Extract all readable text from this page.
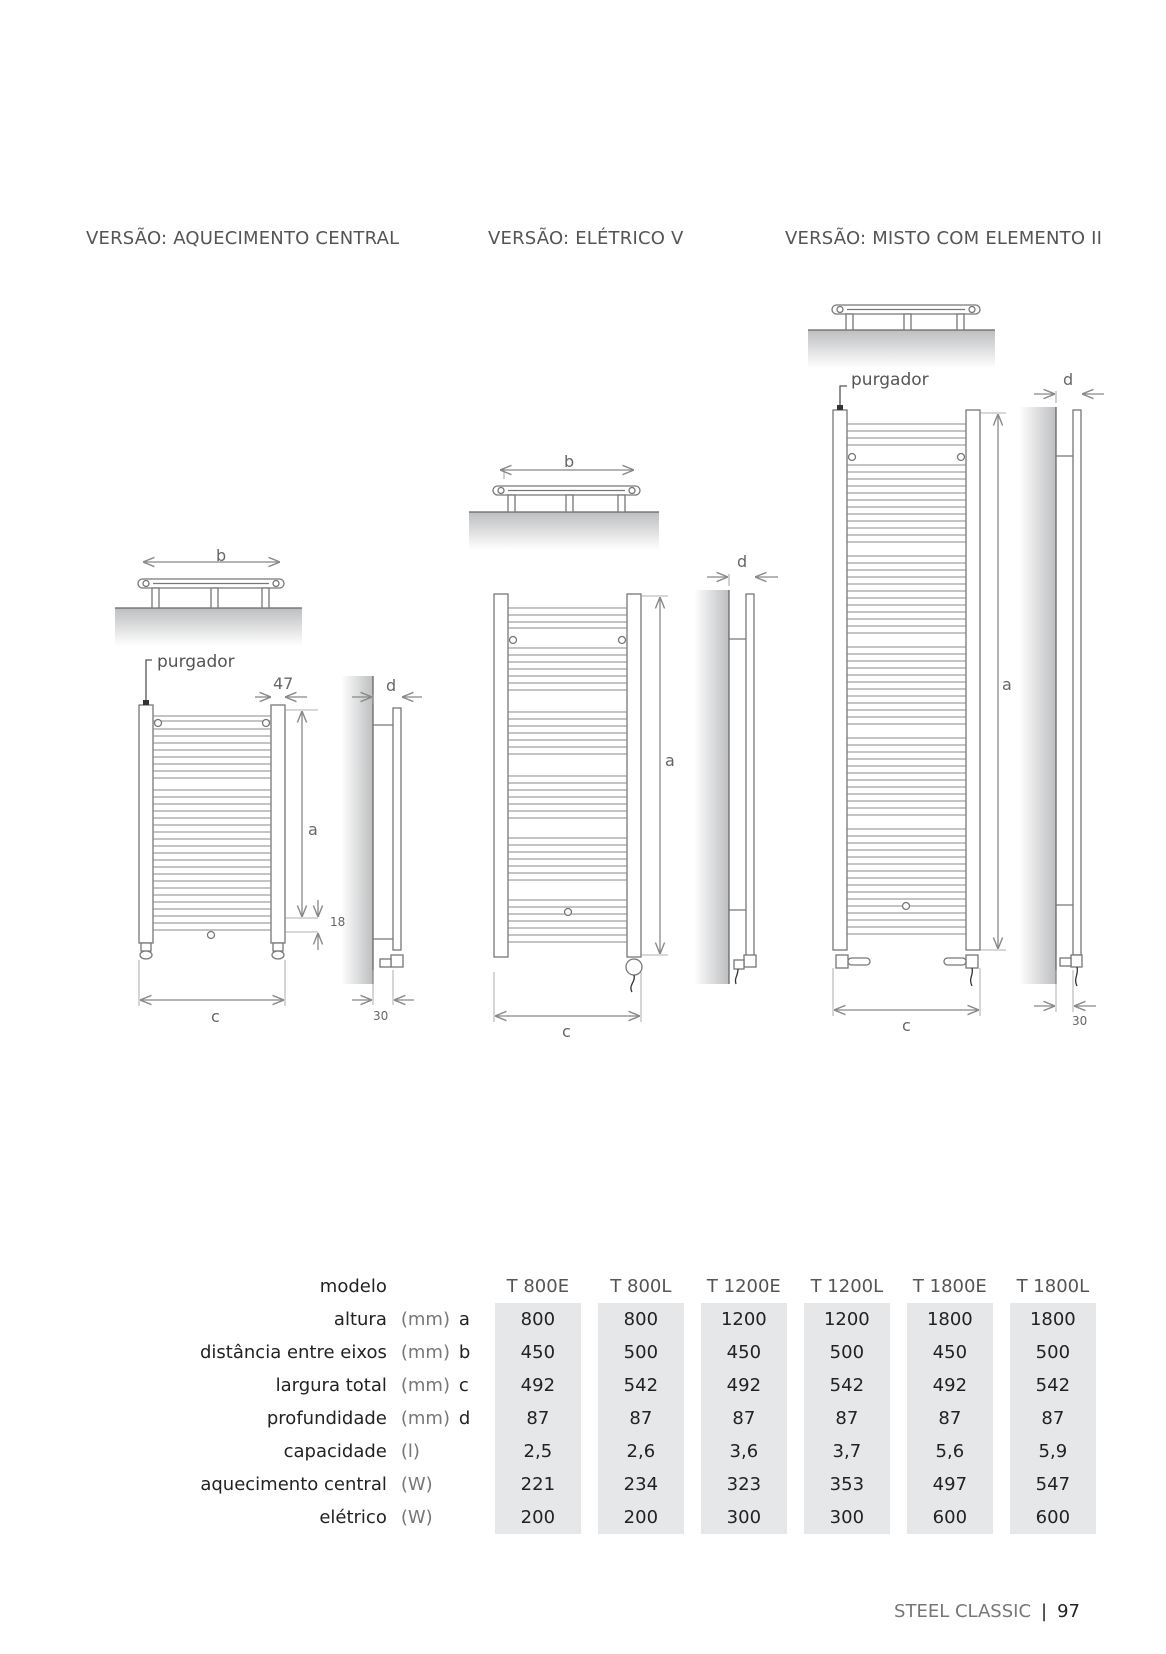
VERSÃO: AQUECIMENTO CENTRAL	VERSÃO: ELÉTRICO V	VERSÃO: MISTO COM ELEMENTO II
b
purgador
47
a
18
c
d
30
b
a
c
d
purgador
a
c
d
30
modelo			T 800E		T 800L		T 1200E		T 1200L		T 1800E		T 1800L
altura	(mm)	a	800		800		1200		1200		1800		1800
distância entre eixos	(mm)	b	450		500		450		500		450		500
largura total	(mm)	c	492		542		492		542		492		542
profundidade	(mm)	d	87		87		87		87		87		87
capacidade	(l)		2,5		2,6		3,6		3,7		5,6		5,9
aquecimento central	(W)		221		234		323		353		497		547
elétrico	(W)		200		200		300		300		600		600
STEEL CLASSIC | 97
